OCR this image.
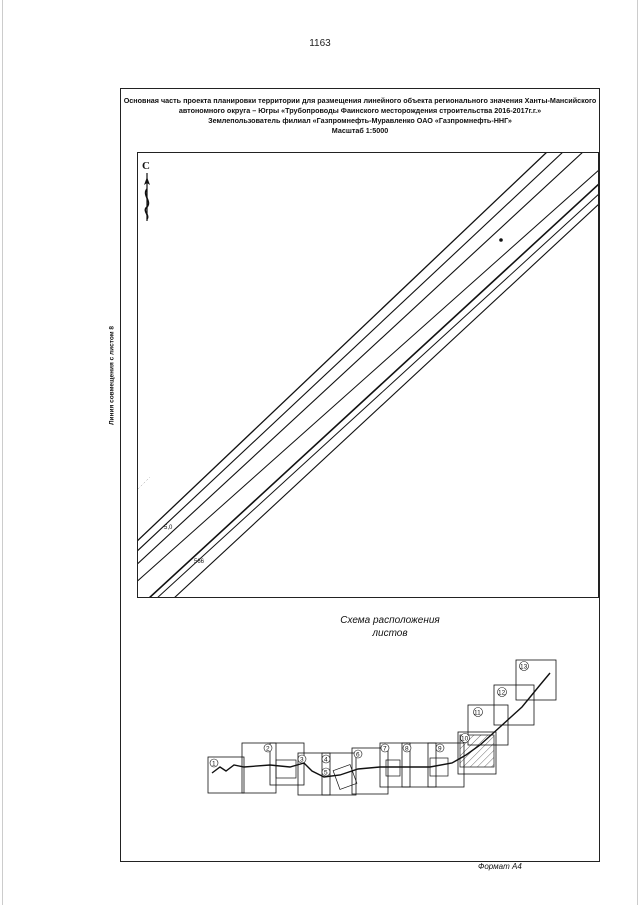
1163
Основная часть проекта планировки территории для размещения линейного объекта регионального значения Ханты-Мансийского
автономного округа – Югры «Трубопроводы Фаинского месторождения строительства 2016-2017г.г.»
Землепользователь филиал «Газпромнефть-Муравленко ОАО «Газпромнефть-ННГ»
Масштаб 1:5000
Линия совмещения с листом 8
С
5,0
566
Схема расположения
листов
1
2
3	4
5
6
7	8	9
10
11
12
13
Формат А4
